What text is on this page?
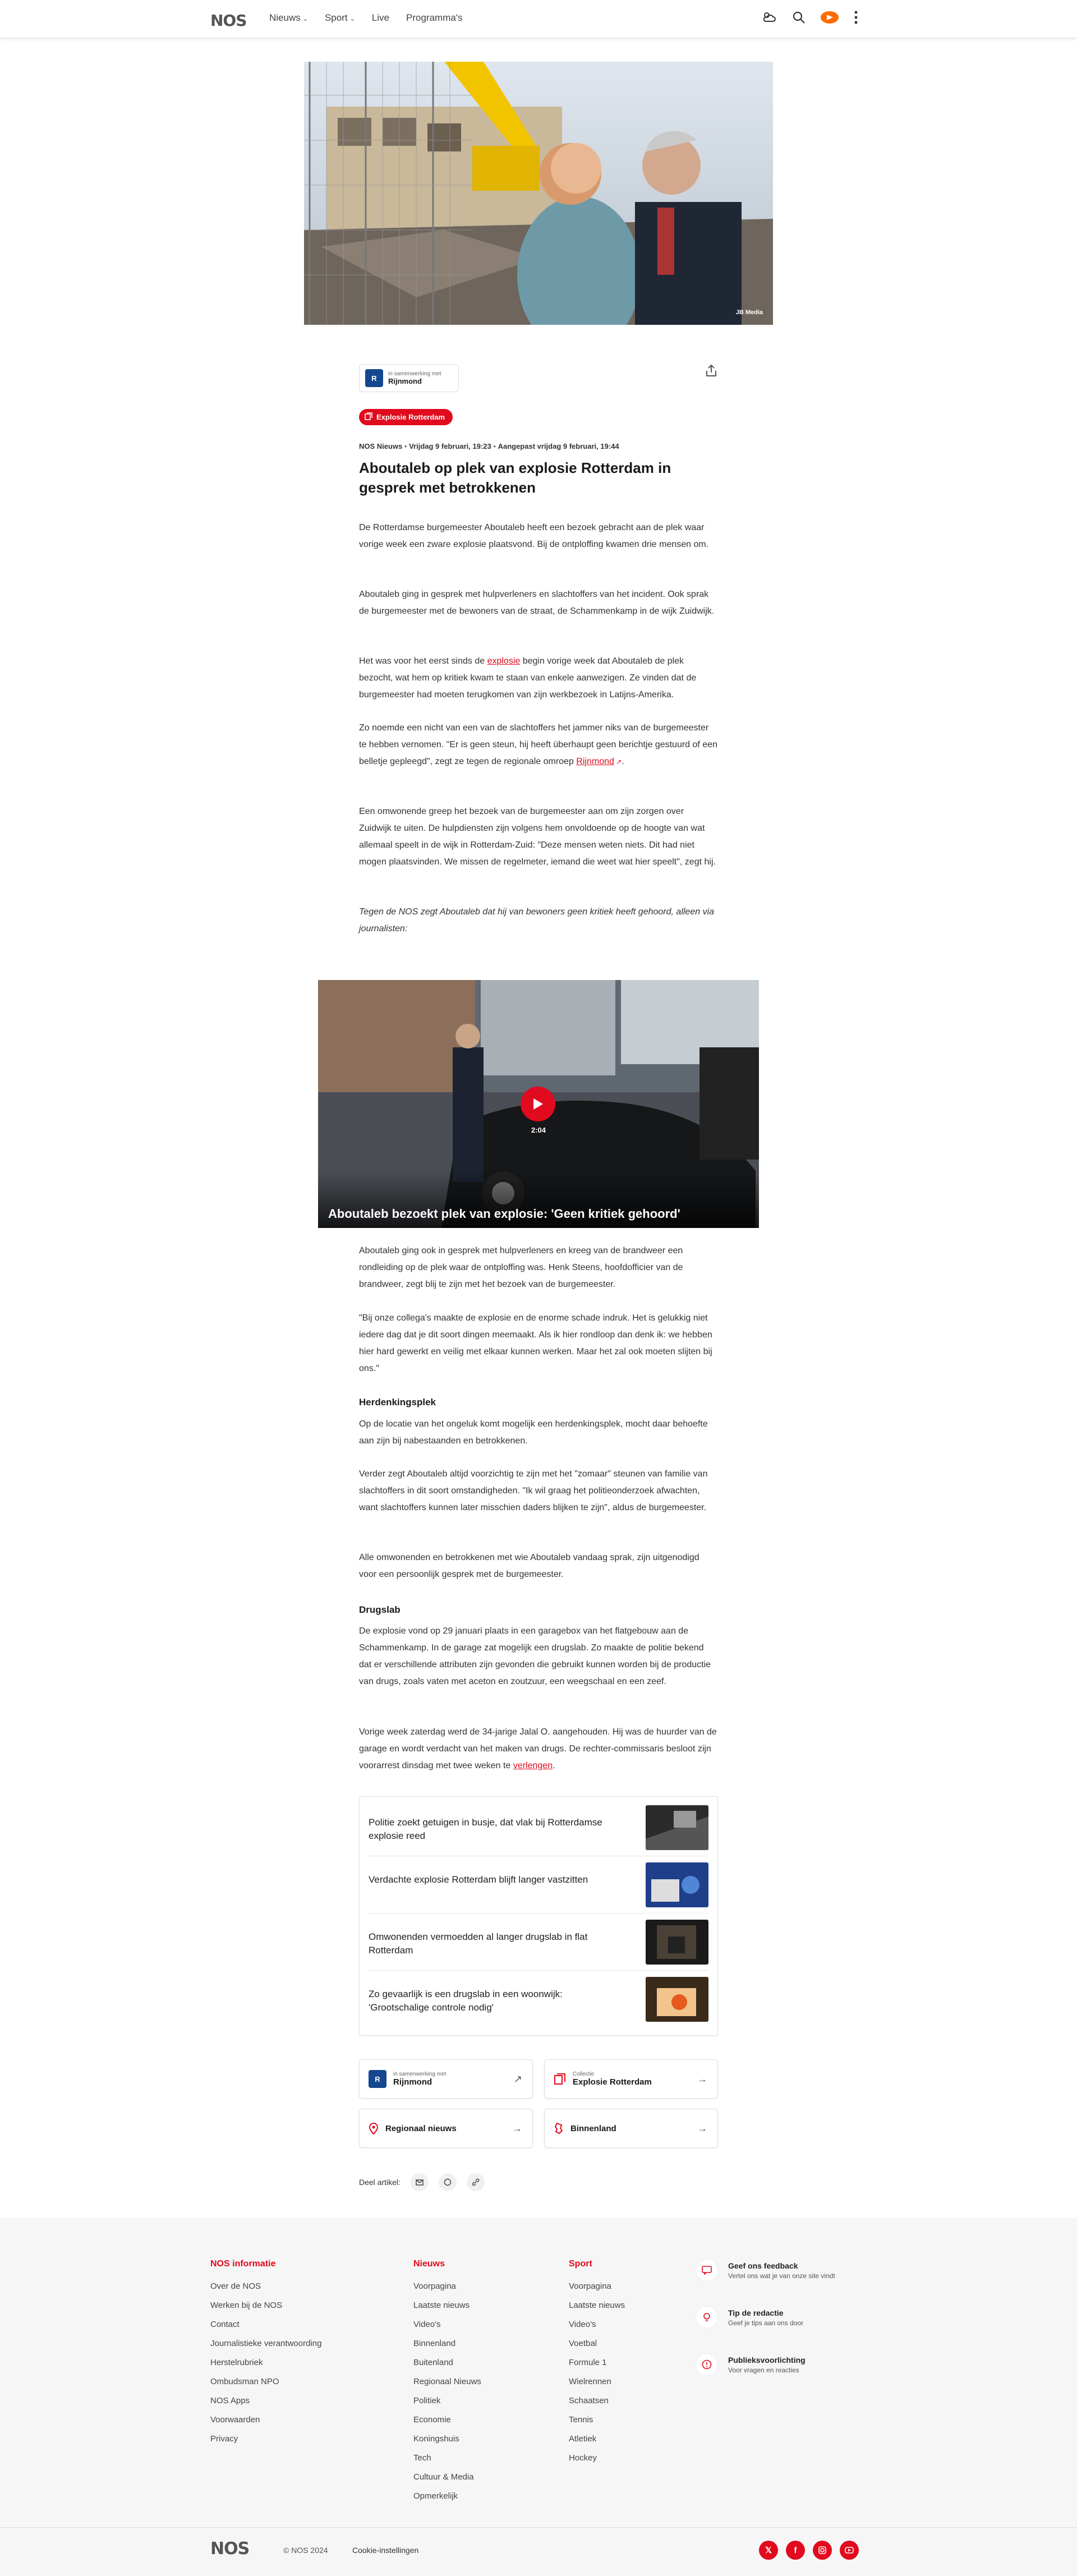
NOS Nieuws ⌄ Sport ⌄ Live Programma's
JB Media
R	in samenwerking met
Rijnmond
Explosie Rotterdam
NOS Nieuws • Vrijdag 9 februari, 19:23 • Aangepast vrijdag 9 februari, 19:44
Aboutaleb op plek van explosie Rotterdam in gesprek met betrokkenen

De Rotterdamse burgemeester Aboutaleb heeft een bezoek gebracht aan de plek waar vorige week een zware explosie plaatsvond. Bij de ontploffing kwamen drie mensen om.

Aboutaleb ging in gesprek met hulpverleners en slachtoffers van het incident. Ook sprak de burgemeester met de bewoners van de straat, de Schammenkamp in de wijk Zuidwijk.

Het was voor het eerst sinds de explosie begin vorige week dat Aboutaleb de plek bezocht, wat hem op kritiek kwam te staan van enkele aanwezigen. Ze vinden dat de burgemeester had moeten terugkomen van zijn werkbezoek in Latijns-Amerika.

Zo noemde een nicht van een van de slachtoffers het jammer niks van de burgemeester te hebben vernomen. "Er is geen steun, hij heeft überhaupt geen berichtje gestuurd of een belletje gepleegd", zegt ze tegen de regionale omroep Rijnmond ↗.

Een omwonende greep het bezoek van de burgemeester aan om zijn zorgen over Zuidwijk te uiten. De hulpdiensten zijn volgens hem onvoldoende op de hoogte van wat allemaal speelt in de wijk in Rotterdam-Zuid: "Deze mensen weten niets. Dit had niet mogen plaatsvinden. We missen de regelmeter, iemand die weet wat hier speelt", zegt hij.

Tegen de NOS zegt Aboutaleb dat hij van bewoners geen kritiek heeft gehoord, alleen via journalisten:

2:04
Aboutaleb bezoekt plek van explosie: 'Geen kritiek gehoord'

Aboutaleb ging ook in gesprek met hulpverleners en kreeg van de brandweer een rondleiding op de plek waar de ontploffing was. Henk Steens, hoofdofficier van de brandweer, zegt blij te zijn met het bezoek van de burgemeester.

"Bij onze collega's maakte de explosie en de enorme schade indruk. Het is gelukkig niet iedere dag dat je dit soort dingen meemaakt. Als ik hier rondloop dan denk ik: we hebben hier hard gewerkt en veilig met elkaar kunnen werken. Maar het zal ook moeten slijten bij ons."

Herdenkingsplek

Op de locatie van het ongeluk komt mogelijk een herdenkingsplek, mocht daar behoefte aan zijn bij nabestaanden en betrokkenen.

Verder zegt Aboutaleb altijd voorzichtig te zijn met het "zomaar" steunen van familie van slachtoffers in dit soort omstandigheden. "Ik wil graag het politieonderzoek afwachten, want slachtoffers kunnen later misschien daders blijken te zijn", aldus de burgemeester.

Alle omwonenden en betrokkenen met wie Aboutaleb vandaag sprak, zijn uitgenodigd voor een persoonlijk gesprek met de burgemeester.

Drugslab

De explosie vond op 29 januari plaats in een garagebox van het flatgebouw aan de Schammenkamp. In de garage zat mogelijk een drugslab. Zo maakte de politie bekend dat er verschillende attributen zijn gevonden die gebruikt kunnen worden bij de productie van drugs, zoals vaten met aceton en zoutzuur, een weegschaal en een zeef.

Vorige week zaterdag werd de 34-jarige Jalal O. aangehouden. Hij was de huurder van de garage en wordt verdacht van het maken van drugs. De rechter-commissaris besloot zijn voorarrest dinsdag met twee weken te verlengen.

Politie zoekt getuigen in busje, dat vlak bij Rotterdamse explosie reed
Verdachte explosie Rotterdam blijft langer vastzitten
Omwonenden vermoedden al langer drugslab in flat Rotterdam
Zo gevaarlijk is een drugslab in een woonwijk: 'Grootschalige controle nodig'
R
in samenwerking met
Rijnmond	↗	Collectie
Explosie Rotterdam	→
Regionaal nieuws	→	Binnenland	→
Deel artikel:
NOS informatie
Over de NOS
Werken bij de NOS
Contact
Journalistieke verantwoording
Herstelrubriek
Ombudsman NPO
NOS Apps
Voorwaarden
Privacy
Nieuws
Voorpagina
Laatste nieuws
Video's
Binnenland
Buitenland
Regionaal Nieuws
Politiek
Economie
Koningshuis
Tech
Cultuur & Media
Opmerkelijk
Sport
Voorpagina
Laatste nieuws
Video's
Voetbal
Formule 1
Wielrennen
Schaatsen
Tennis
Atletiek
Hockey
Geef ons feedback
Vertel ons wat je van onze site vindt
Tip de redactie
Geef je tips aan ons door
Publieksvoorlichting
Voor vragen en reacties
NOS	© NOS 2024	Cookie-instellingen	𝕏	f
